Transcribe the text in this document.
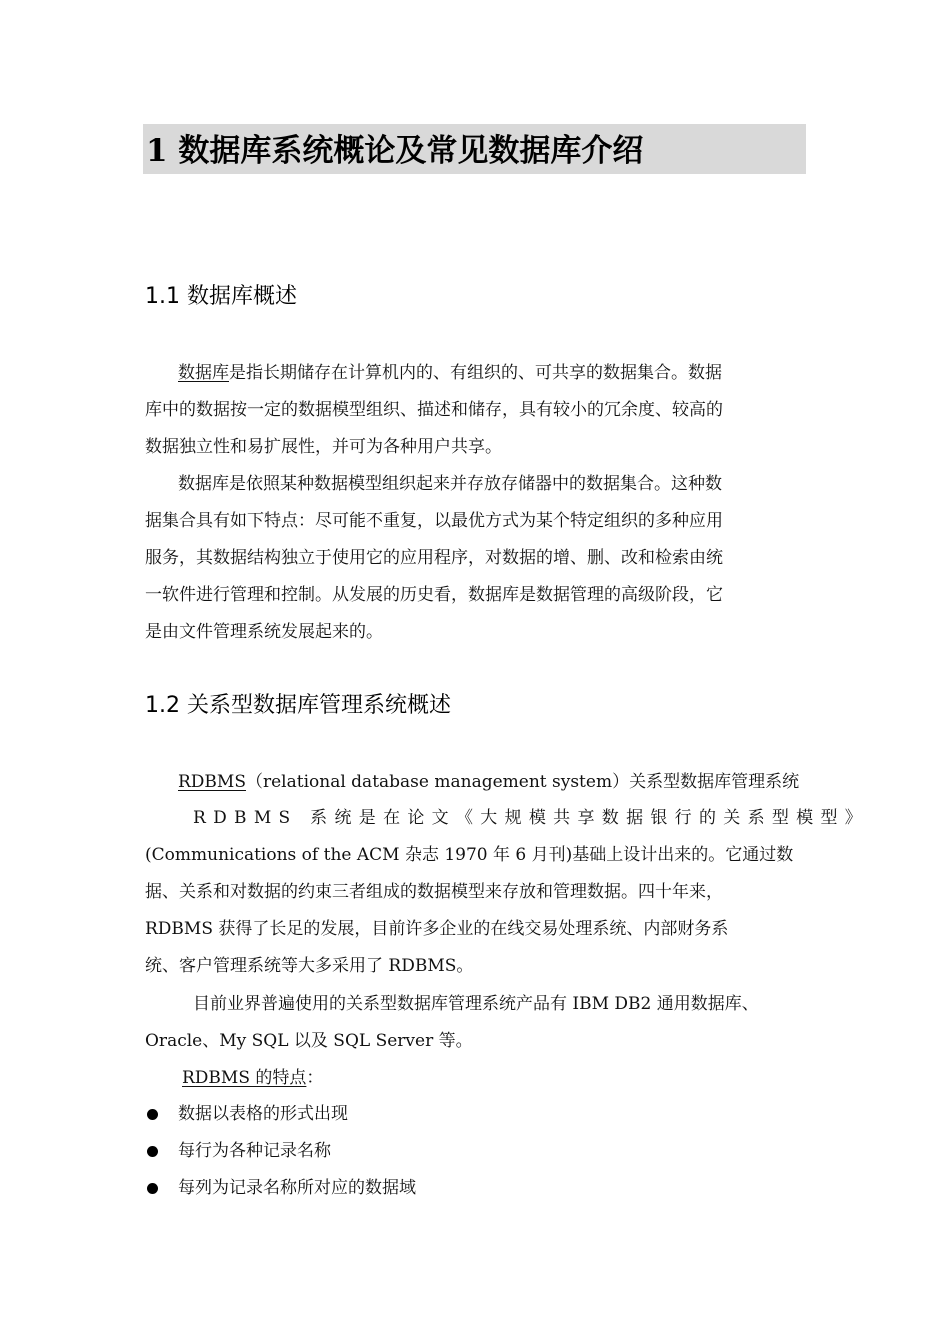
1 数据库系统概论及常见数据库介绍
1.1 数据库概述
数据库是指长期储存在计算机内的、有组织的、可共享的数据集合。数据
库中的数据按一定的数据模型组织、描述和储存，具有较小的冗余度、较高的
数据独立性和易扩展性，并可为各种用户共享。
数据库是依照某种数据模型组织起来并存放存储器中的数据集合。这种数
据集合具有如下特点：尽可能不重复，以最优方式为某个特定组织的多种应用
服务，其数据结构独立于使用它的应用程序，对数据的增、删、改和检索由统
一软件进行管理和控制。从发展的历史看，数据库是数据管理的高级阶段，它
是由文件管理系统发展起来的。
1.2 关系型数据库管理系统概述
RDBMS（relational database management system）关系型数据库管理系统
RDBMS 系统是在论文《大规模共享数据银行的关系型模型》
(Communications of the ACM 杂志 1970 年 6 月刊)基础上设计出来的。它通过数
据、关系和对数据的约束三者组成的数据模型来存放和管理数据。四十年来，
RDBMS 获得了长足的发展，目前许多企业的在线交易处理系统、内部财务系
统、客户管理系统等大多采用了 RDBMS。
目前业界普遍使用的关系型数据库管理系统产品有 IBM DB2 通用数据库、
Oracle、My SQL 以及 SQL Server 等。
RDBMS 的特点：
数据以表格的形式出现
每行为各种记录名称
每列为记录名称所对应的数据域
